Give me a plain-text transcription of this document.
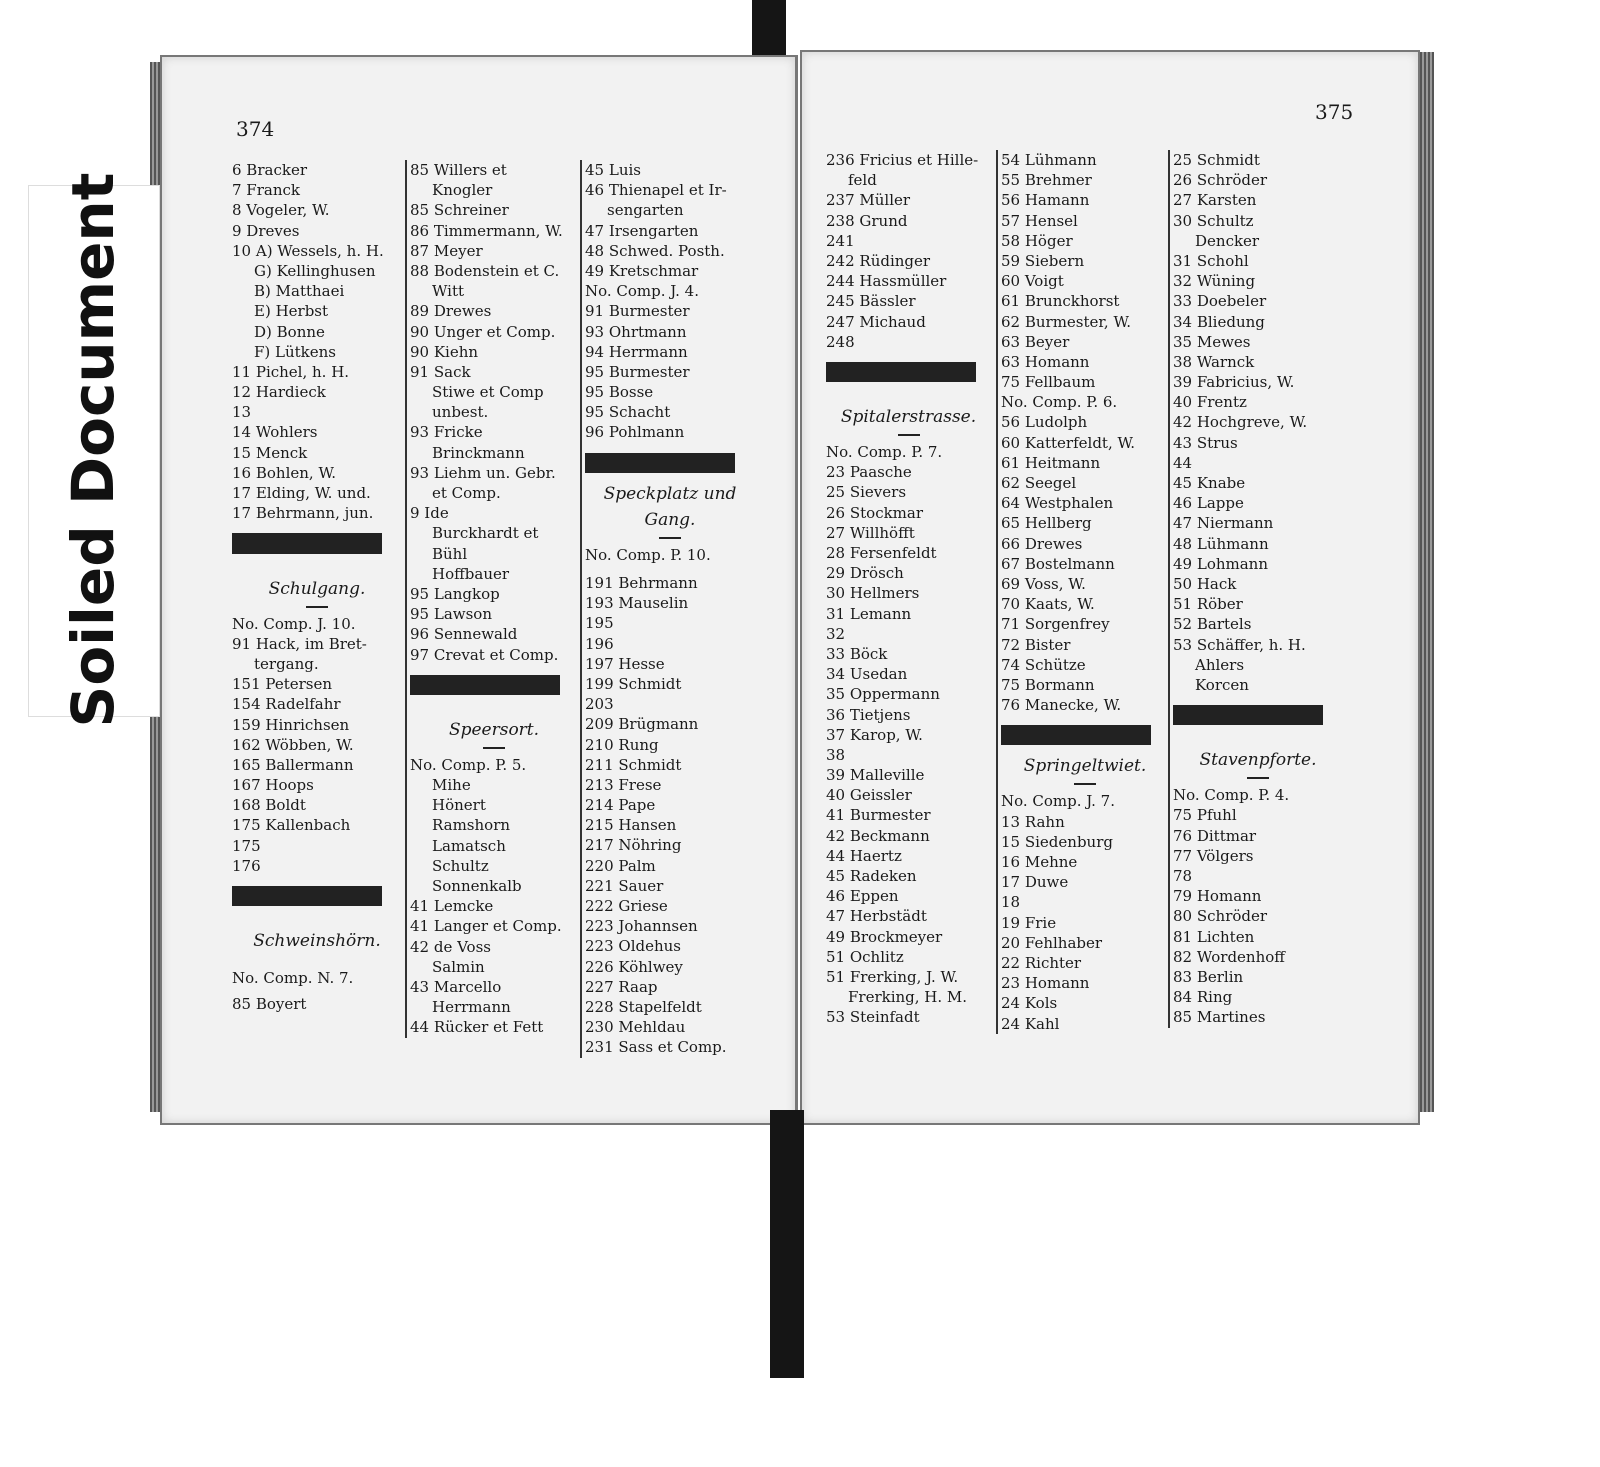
Soiled Document
374
375
6 Bracker
7 Franck
8 Vogeler, W.
9 Dreves
10 A) Wessels, h. H.
G) Kellinghusen
B) Matthaei
E) Herbst
D) Bonne
F) Lütkens
11 Pichel, h. H.
12 Hardieck
13
14 Wohlers
15 Menck
16 Bohlen, W.
17 Elding, W. und.
17 Behrmann, jun.
Schulgang.
No. Comp. J. 10.
91 Hack, im Bret-
tergang.
151 Petersen
154 Radelfahr
159 Hinrichsen
162 Wöbben, W.
165 Ballermann
167 Hoops
168 Boldt
175 Kallenbach
175
176
Schweinshörn.
No. Comp. N. 7.
85 Boyert
85 Willers et
Knogler
85 Schreiner
86 Timmermann, W.
87 Meyer
88 Bodenstein et C.
Witt
89 Drewes
90 Unger et Comp.
90 Kiehn
91 Sack
Stiwe et Comp
unbest.
93 Fricke
Brinckmann
93 Liehm un. Gebr.
et Comp.
9 Ide
Burckhardt et
Bühl
Hoffbauer
95 Langkop
95 Lawson
96 Sennewald
97 Crevat et Comp.
Speersort.
No. Comp. P. 5.
Mihe
Hönert
Ramshorn
Lamatsch
Schultz
Sonnenkalb
41 Lemcke
41 Langer et Comp.
42 de Voss
Salmin
43 Marcello
Herrmann
44 Rücker et Fett
45 Luis
46 Thienapel et Ir-
sengarten
47 Irsengarten
48 Schwed. Posth.
49 Kretschmar
No. Comp. J. 4.
91 Burmester
93 Ohrtmann
94 Herrmann
95 Burmester
95 Bosse
95 Schacht
96 Pohlmann
Speckplatz und
Gang.
No. Comp. P. 10.
191 Behrmann
193 Mauselin
195
196
197 Hesse
199 Schmidt
203
209 Brügmann
210 Rung
211 Schmidt
213 Frese
214 Pape
215 Hansen
217 Nöhring
220 Palm
221 Sauer
222 Griese
223 Johannsen
223 Oldehus
226 Köhlwey
227 Raap
228 Stapelfeldt
230 Mehldau
231 Sass et Comp.
236 Fricius et Hille-
feld
237 Müller
238 Grund
241
242 Rüdinger
244 Hassmüller
245 Bässler
247 Michaud
248
Spitalerstrasse.
No. Comp. P. 7.
23 Paasche
25 Sievers
26 Stockmar
27 Willhöfft
28 Fersenfeldt
29 Drösch
30 Hellmers
31 Lemann
32
33 Böck
34 Usedan
35 Oppermann
36 Tietjens
37 Karop, W.
38
39 Malleville
40 Geissler
41 Burmester
42 Beckmann
44 Haertz
45 Radeken
46 Eppen
47 Herbstädt
49 Brockmeyer
51 Ochlitz
51 Frerking, J. W.
Frerking, H. M.
53 Steinfadt
54 Lühmann
55 Brehmer
56 Hamann
57 Hensel
58 Höger
59 Siebern
60 Voigt
61 Brunckhorst
62 Burmester, W.
63 Beyer
63 Homann
75 Fellbaum
No. Comp. P. 6.
56 Ludolph
60 Katterfeldt, W.
61 Heitmann
62 Seegel
64 Westphalen
65 Hellberg
66 Drewes
67 Bostelmann
69 Voss, W.
70 Kaats, W.
71 Sorgenfrey
72 Bister
74 Schütze
75 Bormann
76 Manecke, W.
Springeltwiet.
No. Comp. J. 7.
13 Rahn
15 Siedenburg
16 Mehne
17 Duwe
18
19 Frie
20 Fehlhaber
22 Richter
23 Homann
24 Kols
24 Kahl
25 Schmidt
26 Schröder
27 Karsten
30 Schultz
Dencker
31 Schohl
32 Wüning
33 Doebeler
34 Bliedung
35 Mewes
38 Warnck
39 Fabricius, W.
40 Frentz
42 Hochgreve, W.
43 Strus
44
45 Knabe
46 Lappe
47 Niermann
48 Lühmann
49 Lohmann
50 Hack
51 Röber
52 Bartels
53 Schäffer, h. H.
Ahlers
Korcen
Stavenpforte.
No. Comp. P. 4.
75 Pfuhl
76 Dittmar
77 Völgers
78
79 Homann
80 Schröder
81 Lichten
82 Wordenhoff
83 Berlin
84 Ring
85 Martines
